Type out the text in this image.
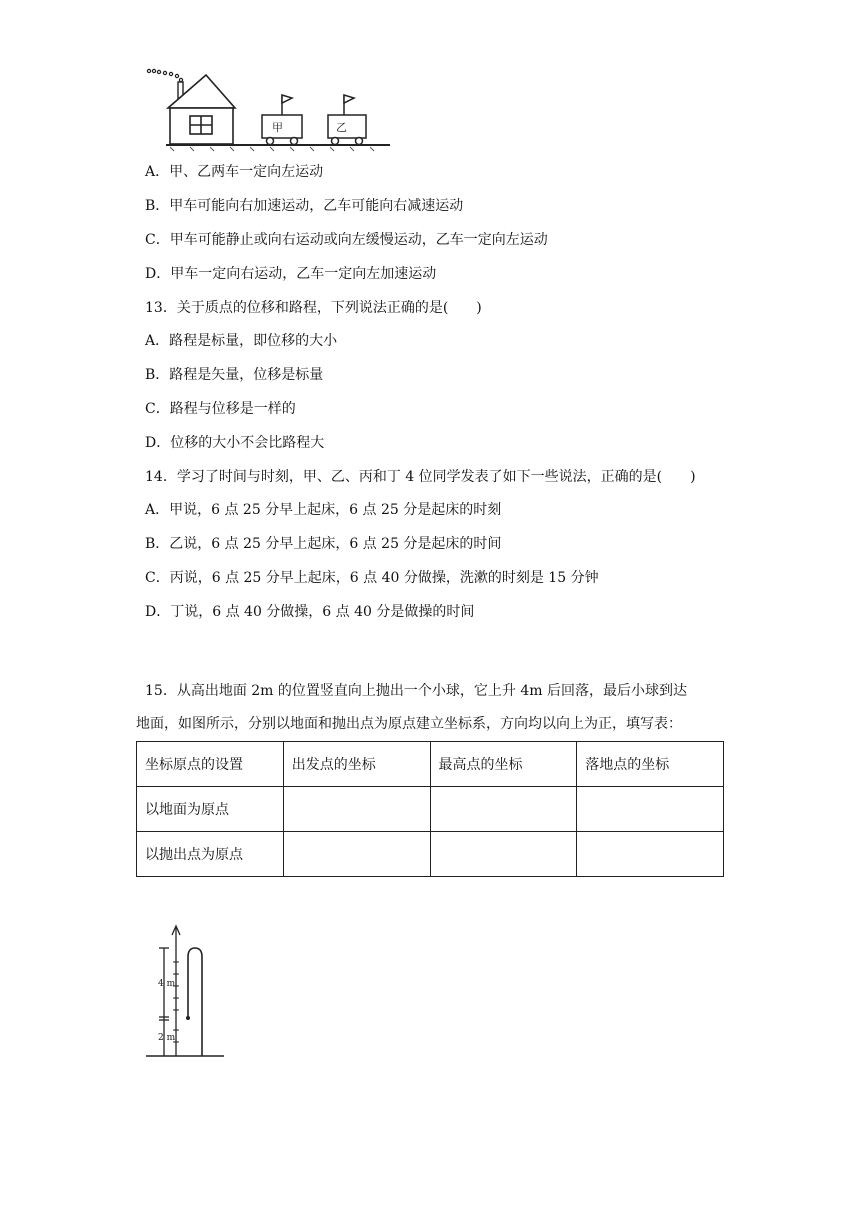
甲	乙
A．甲、乙两车一定向左运动
B．甲车可能向右加速运动，乙车可能向右减速运动
C．甲车可能静止或向右运动或向左缓慢运动，乙车一定向左运动
D．甲车一定向右运动，乙车一定向左加速运动
13．关于质点的位移和路程，下列说法正确的是(　　)
A．路程是标量，即位移的大小
B．路程是矢量，位移是标量
C．路程与位移是一样的
D．位移的大小不会比路程大
14．学习了时间与时刻，甲、乙、丙和丁 4 位同学发表了如下一些说法，正确的是(　　)
A．甲说，6 点 25 分早上起床，6 点 25 分是起床的时刻
B．乙说，6 点 25 分早上起床，6 点 25 分是起床的时间
C．丙说，6 点 25 分早上起床，6 点 40 分做操，洗漱的时刻是 15 分钟
D．丁说，6 点 40 分做操，6 点 40 分是做操的时间
15．从高出地面 2m 的位置竖直向上抛出一个小球，它上升 4m 后回落，最后小球到达
地面，如图所示，分别以地面和抛出点为原点建立坐标系，方向均以向上为正，填写表：
坐标原点的设置	出发点的坐标	最高点的坐标	落地点的坐标
以地面为原点			
以抛出点为原点			
4 m
2 m
